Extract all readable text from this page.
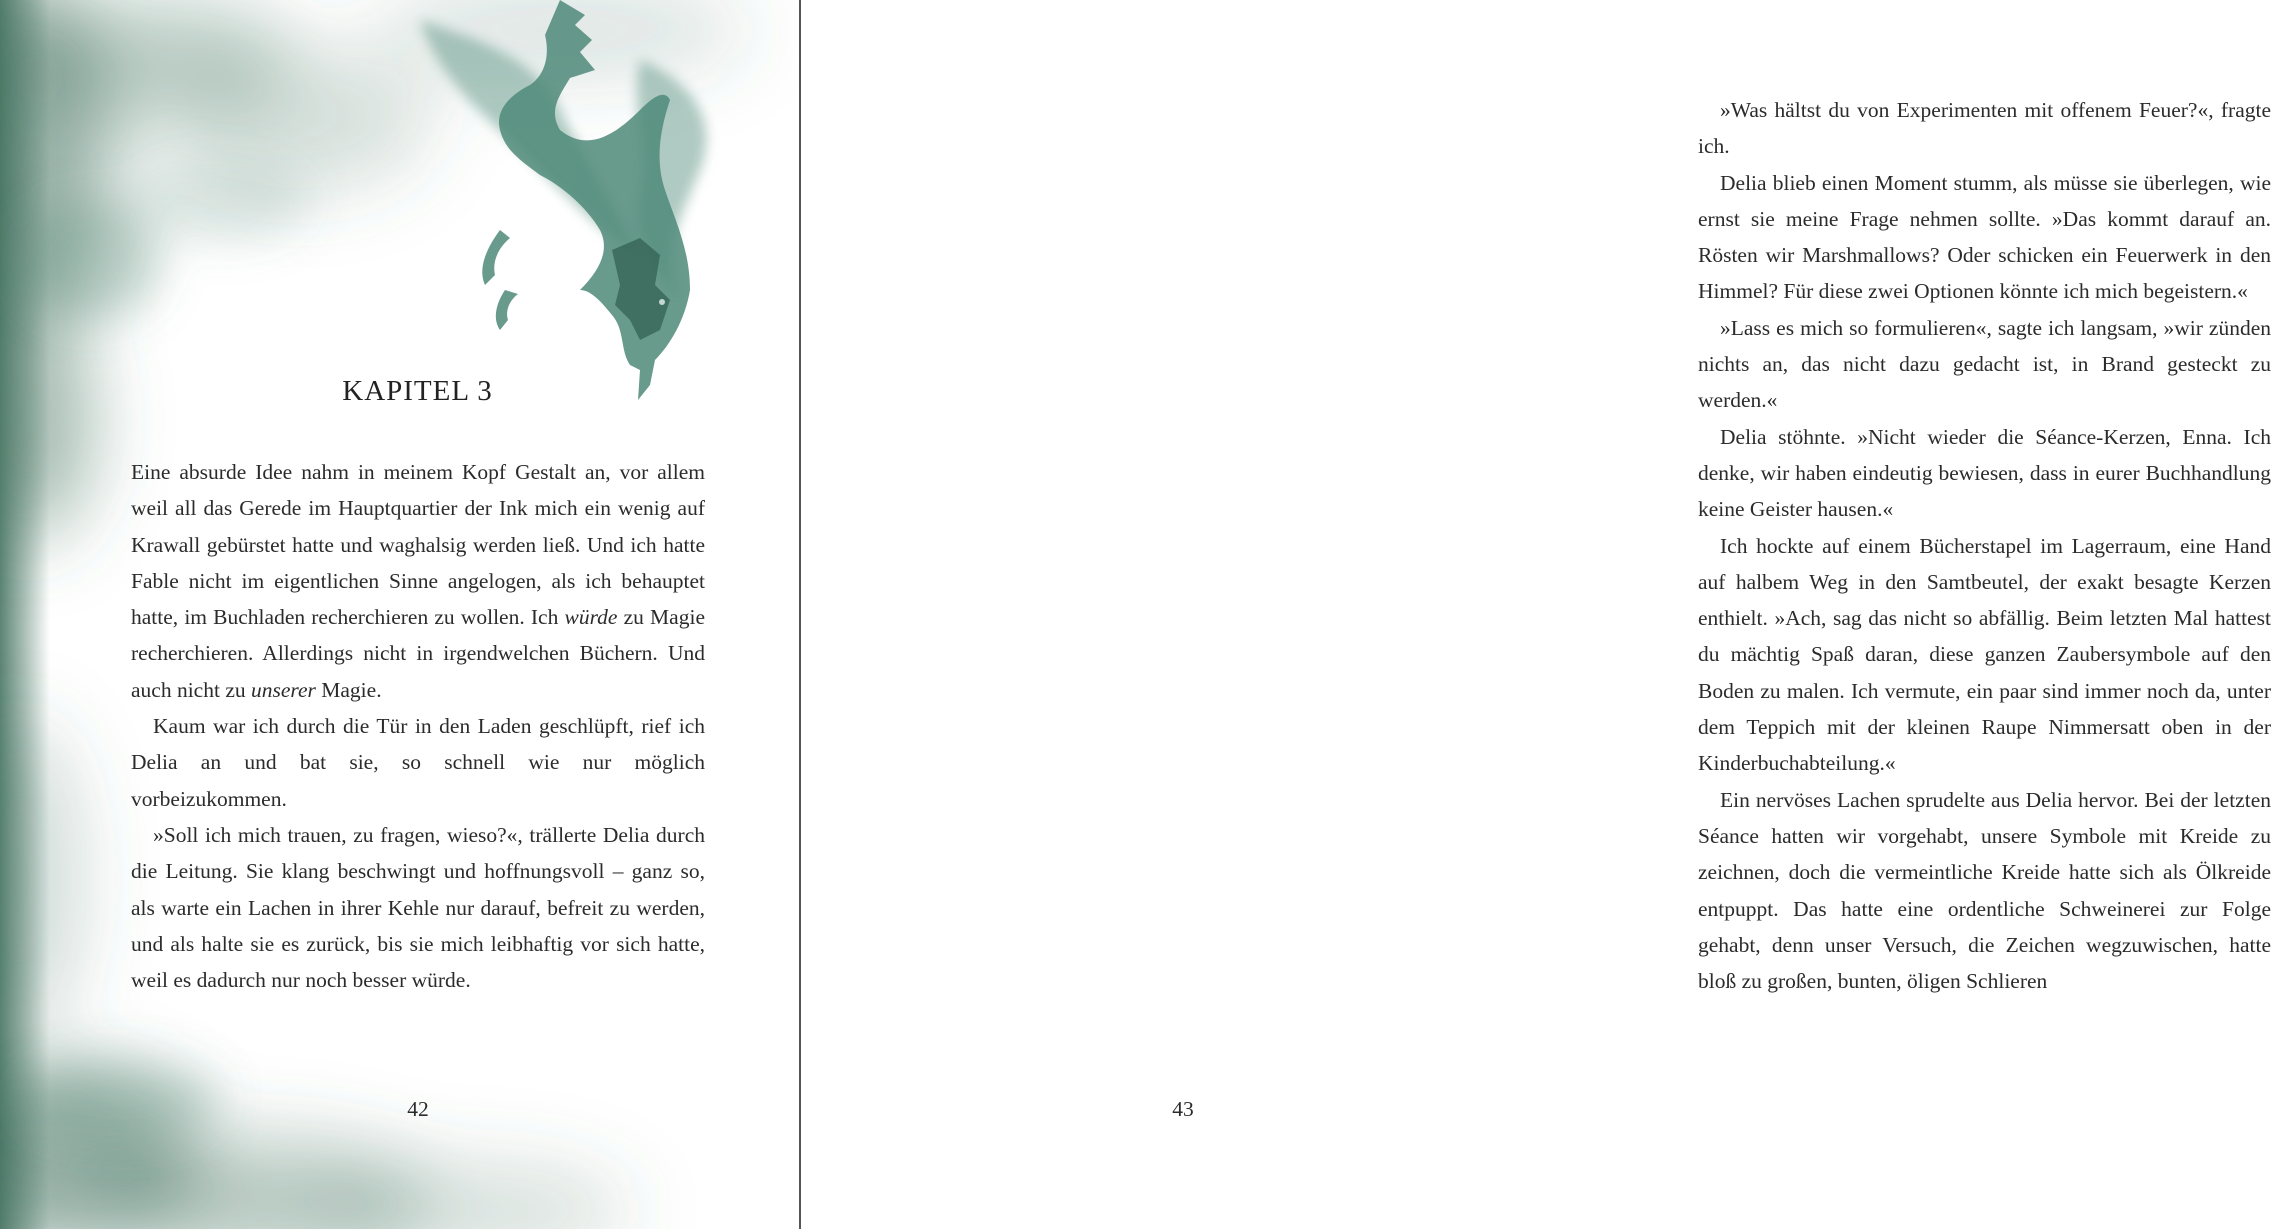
KAPITEL 3

Eine absurde Idee nahm in meinem Kopf Gestalt an, vor allem weil all das Gerede im Hauptquartier der Ink mich ein wenig auf Krawall gebürstet hatte und waghalsig werden ließ. Und ich hatte Fable nicht im eigentlichen Sinne angelogen, als ich behauptet hatte, im Buchladen recherchieren zu wollen. Ich würde zu Magie recherchieren. Allerdings nicht in irgendwelchen Büchern. Und auch nicht zu unserer Magie.

Kaum war ich durch die Tür in den Laden geschlüpft, rief ich Delia an und bat sie, so schnell wie nur möglich vorbeizukommen.

»Soll ich mich trauen, zu fragen, wieso?«, trällerte Delia durch die Leitung. Sie klang beschwingt und hoffnungsvoll – ganz so, als warte ein Lachen in ihrer Kehle nur darauf, befreit zu werden, und als halte sie es zurück, bis sie mich leibhaftig vor sich hatte, weil es dadurch nur noch besser würde.

42

»Was hältst du von Experimenten mit offenem Feuer?«, fragte ich.

Delia blieb einen Moment stumm, als müsse sie überlegen, wie ernst sie meine Frage nehmen sollte. »Das kommt darauf an. Rösten wir Marshmallows? Oder schicken ein Feuerwerk in den Himmel? Für diese zwei Optionen könnte ich mich begeistern.«

»Lass es mich so formulieren«, sagte ich langsam, »wir zünden nichts an, das nicht dazu gedacht ist, in Brand gesteckt zu werden.«

Delia stöhnte. »Nicht wieder die Séance-Kerzen, Enna. Ich denke, wir haben eindeutig bewiesen, dass in eurer Buchhandlung keine Geister hausen.«

Ich hockte auf einem Bücherstapel im Lagerraum, eine Hand auf halbem Weg in den Samtbeutel, der exakt besagte Kerzen enthielt. »Ach, sag das nicht so abfällig. Beim letzten Mal hattest du mächtig Spaß daran, diese ganzen Zaubersymbole auf den Boden zu malen. Ich vermute, ein paar sind immer noch da, unter dem Teppich mit der kleinen Raupe Nimmersatt oben in der Kinderbuchabteilung.«

Ein nervöses Lachen sprudelte aus Delia hervor. Bei der letzten Séance hatten wir vorgehabt, unsere Symbole mit Kreide zu zeichnen, doch die vermeintliche Kreide hatte sich als Ölkreide entpuppt. Das hatte eine ordentliche Schweinerei zur Folge gehabt, denn unser Versuch, die Zeichen wegzuwischen, hatte bloß zu großen, bunten, öligen Schlieren

43
